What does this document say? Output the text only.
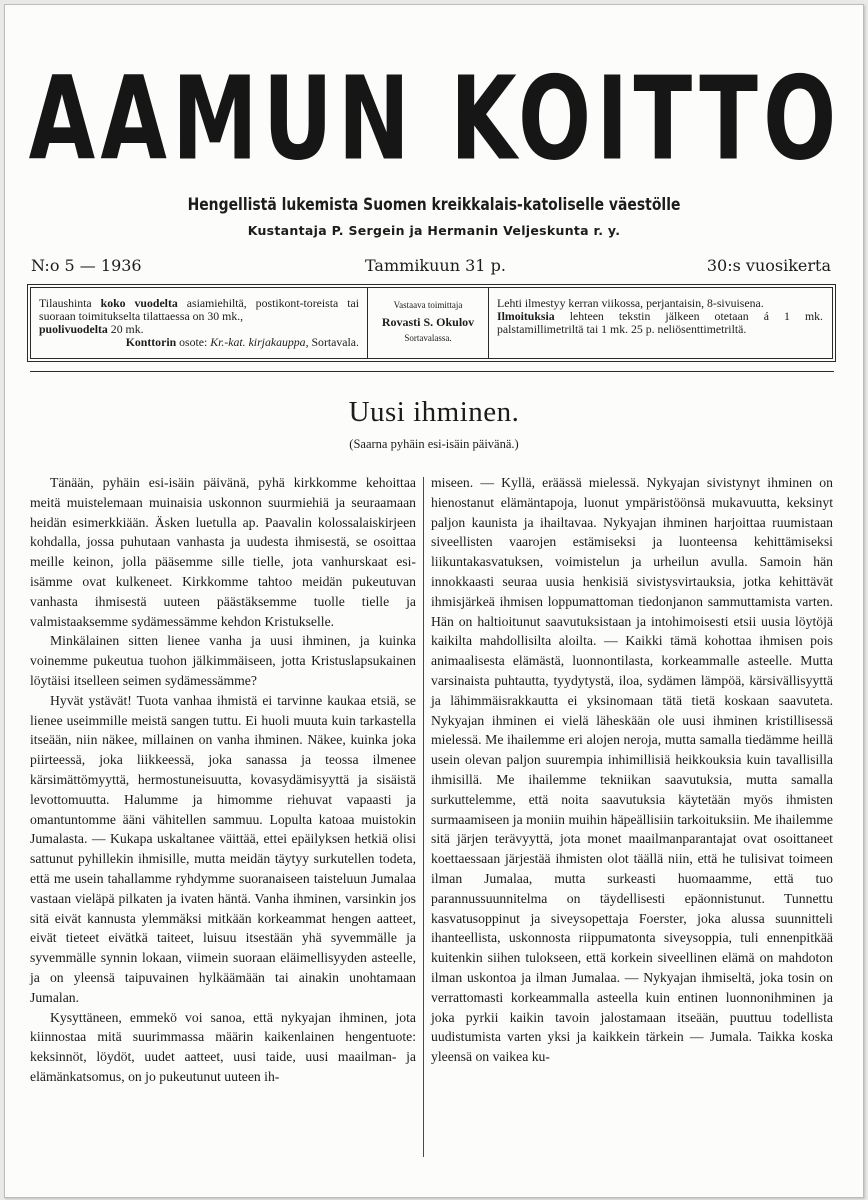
AAMUN KOITTO
Hengellistä lukemista Suomen kreikkalais-katoliselle väestölle
Kustantaja P. Sergein ja Hermanin Veljeskunta r. y.
N:o 5 — 1936	Tammikuun 31 p.	30:s vuosikerta

Tilaushinta koko vuodelta asiamiehiltä, postikont-toreista tai suoraan toimitukselta tilattaessa on 30 mk.,

puolivuodelta 20 mk.

Konttorin osote: Kr.-kat. kirjakauppa, Sortavala.

Vastaava toimittaja
Rovasti S. Okulov
Sortavalassa.

Lehti ilmestyy kerran viikossa, perjantaisin, 8-sivuisena.

Ilmoituksia lehteen tekstin jälkeen otetaan á 1 mk. palstamillimetriltä tai 1 mk. 25 p. neliösenttimetriltä.

Uusi ihminen.
(Saarna pyhäin esi-isäin päivänä.)

Tänään, pyhäin esi-isäin päivänä, pyhä kirkkomme kehoittaa meitä muistelemaan muinaisia uskonnon suurmiehiä ja seuraamaan heidän esimerkkiään. Äsken luetulla ap. Paavalin kolossalaiskirjeen kohdalla, jossa puhutaan vanhasta ja uudesta ihmisestä, se osoittaa meille keinon, jolla pääsemme sille tielle, jota vanhurskaat esi-isämme ovat kulkeneet. Kirkkomme tahtoo meidän pukeutuvan vanhasta ihmisestä uuteen päästäksemme tuolle tielle ja valmistaaksemme sydämessämme kehdon Kristukselle.

Minkälainen sitten lienee vanha ja uusi ihminen, ja kuinka voinemme pukeutua tuohon jälkimmäiseen, jotta Kristuslapsukainen löytäisi itselleen seimen sydämessämme?

Hyvät ystävät! Tuota vanhaa ihmistä ei tarvinne kaukaa etsiä, se lienee useimmille meistä sangen tuttu. Ei huoli muuta kuin tarkastella itseään, niin näkee, millainen on vanha ihminen. Näkee, kuinka joka piirteessä, joka liikkeessä, joka sanassa ja teossa ilmenee kärsimättömyyttä, hermostuneisuutta, kovasydämisyyttä ja sisäistä levottomuutta. Halumme ja himomme riehuvat vapaasti ja omantuntomme ääni vähitellen sammuu. Lopulta katoaa muistokin Jumalasta. — Kukapa uskaltanee väittää, ettei epäilyksen hetkiä olisi sattunut pyhillekin ihmisille, mutta meidän täytyy surkutellen todeta, että me usein tahallamme ryhdymme suoranaiseen taisteluun Jumalaa vastaan vieläpä pilkaten ja ivaten häntä. Vanha ihminen, varsinkin jos sitä eivät kannusta ylemmäksi mitkään korkeammat hengen aatteet, eivät tieteet eivätkä taiteet, luisuu itsestään yhä syvemmälle ja syvemmälle synnin lokaan, viimein suoraan eläimellisyyden asteelle, ja on yleensä taipuvainen hylkäämään tai ainakin unohtamaan Jumalan.

Kysyttäneen, emmekö voi sanoa, että nykyajan ihminen, jota kiinnostaa mitä suurimmassa määrin kaikenlainen hengentuote: keksinnöt, löydöt, uudet aatteet, uusi taide, uusi maailman- ja elämänkatsomus, on jo pukeutunut uuteen ih-

miseen. — Kyllä, eräässä mielessä. Nykyajan sivistynyt ihminen on hienostanut elämäntapoja, luonut ympäristöönsä mukavuutta, keksinyt paljon kaunista ja ihailtavaa. Nykyajan ihminen harjoittaa ruumistaan siveellisten vaarojen estämiseksi ja luonteensa kehittämiseksi liikuntakasvatuksen, voimistelun ja urheilun avulla. Samoin hän innokkaasti seuraa uusia henkisiä sivistysvirtauksia, jotka kehittävät ihmisjärkeä ihmisen loppumattoman tiedonjanon sammuttamista varten. Hän on haltioitunut saavutuksistaan ja intohimoisesti etsii uusia löytöjä kaikilta mahdollisilta aloilta. — Kaikki tämä kohottaa ihmisen pois animaalisesta elämästä, luonnontilasta, korkeammalle asteelle. Mutta varsinaista puhtautta, tyydytystä, iloa, sydämen lämpöä, kärsivällisyyttä ja lähimmäisrakkautta ei yksinomaan tätä tietä koskaan saavuteta. Nykyajan ihminen ei vielä läheskään ole uusi ihminen kristillisessä mielessä. Me ihailemme eri alojen neroja, mutta samalla tiedämme heillä usein olevan paljon suurempia inhimillisiä heikkouksia kuin tavallisilla ihmisillä. Me ihailemme tekniikan saavutuksia, mutta samalla surkuttelemme, että noita saavutuksia käytetään myös ihmisten surmaamiseen ja moniin muihin häpeällisiin tarkoituksiin. Me ihailemme sitä järjen terävyyttä, jota monet maailmanparantajat ovat osoittaneet koettaessaan järjestää ihmisten olot täällä niin, että he tulisivat toimeen ilman Jumalaa, mutta surkeasti huomaamme, että tuo parannussuunnitelma on täydellisesti epäonnistunut. Tunnettu kasvatusoppinut ja siveysopettaja Foerster, joka alussa suunnitteli ihanteellista, uskonnosta riippumatonta siveysoppia, tuli ennenpitkää kuitenkin siihen tulokseen, että korkein siveellinen elämä on mahdoton ilman uskontoa ja ilman Jumalaa. — Nykyajan ihmiseltä, joka tosin on verrattomasti korkeammalla asteella kuin entinen luonnonihminen ja joka pyrkii kaikin tavoin jalostamaan itseään, puuttuu todellista uudistumista varten yksi ja kaikkein tärkein — Jumala. Taikka koska yleensä on vaikea ku-
